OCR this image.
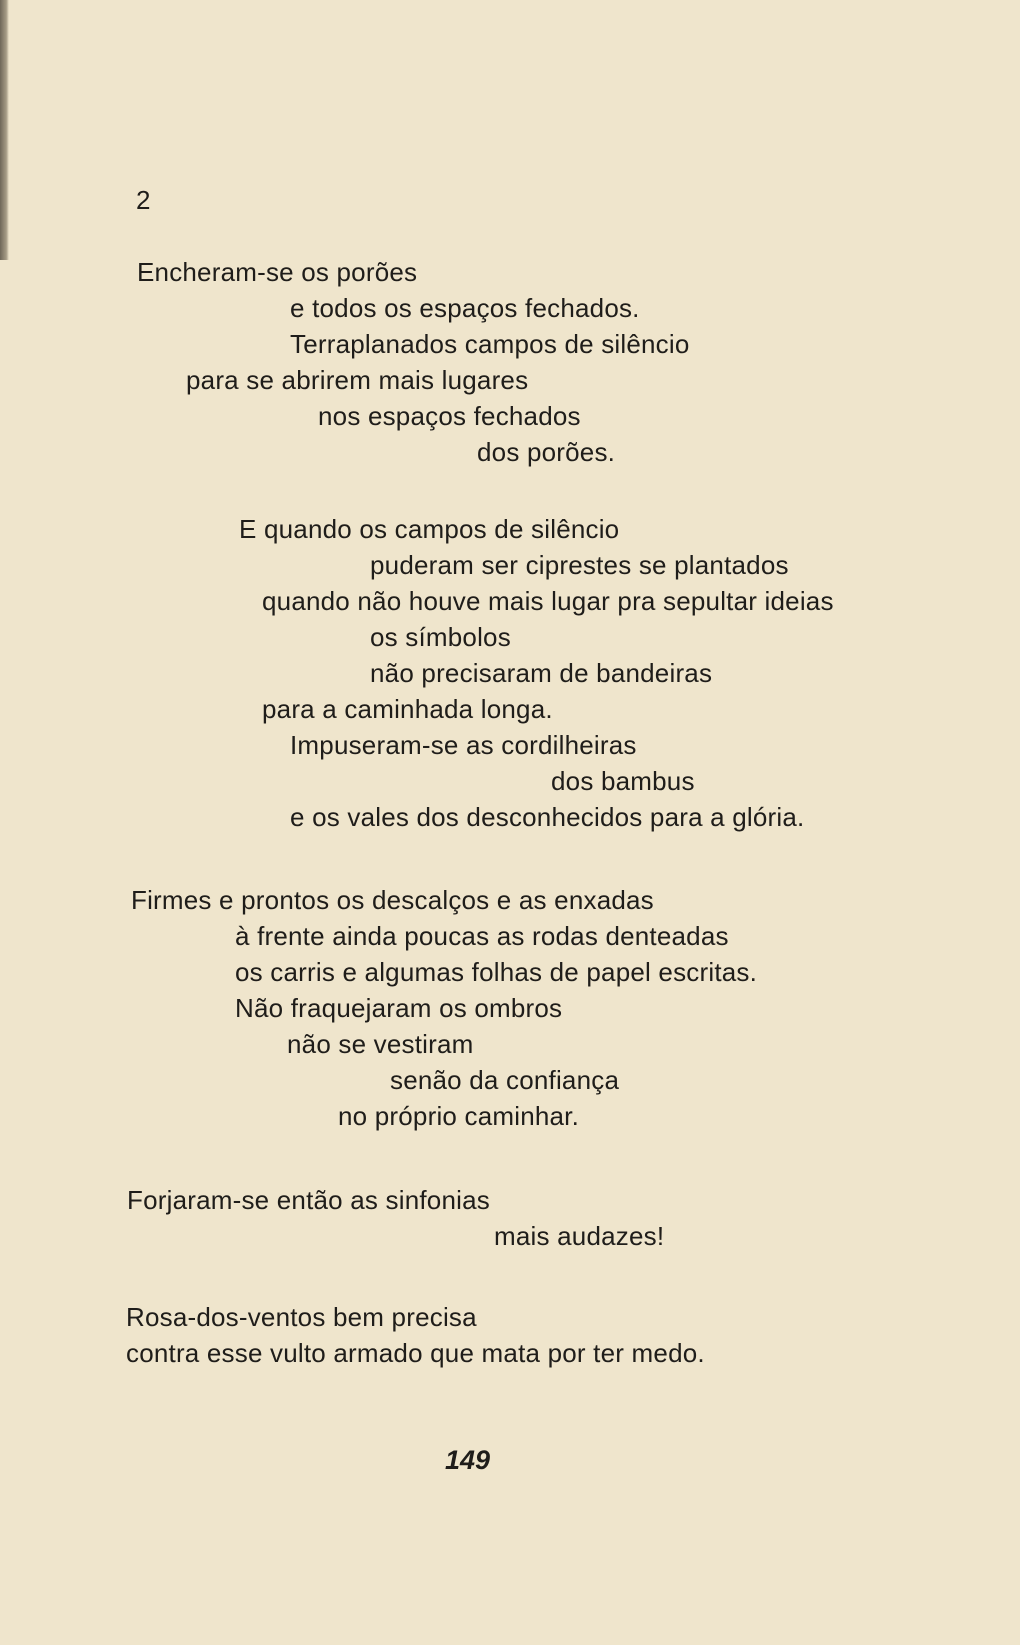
2

Encheram-se os porões

e todos os espaços fechados.

Terraplanados campos de silêncio

para se abrirem mais lugares

nos espaços fechados

dos porões.

E quando os campos de silêncio

puderam ser ciprestes se plantados

quando não houve mais lugar pra sepultar ideias

os símbolos

não precisaram de bandeiras

para a caminhada longa.

Impuseram-se as cordilheiras

dos bambus

e os vales dos desconhecidos para a glória.

Firmes e prontos os descalços e as enxadas

à frente ainda poucas as rodas denteadas

os carris e algumas folhas de papel escritas.

Não fraquejaram os ombros

não se vestiram

senão da confiança

no próprio caminhar.

Forjaram-se então as sinfonias

mais audazes!

Rosa-dos-ventos bem precisa

contra esse vulto armado que mata por ter medo.

149
